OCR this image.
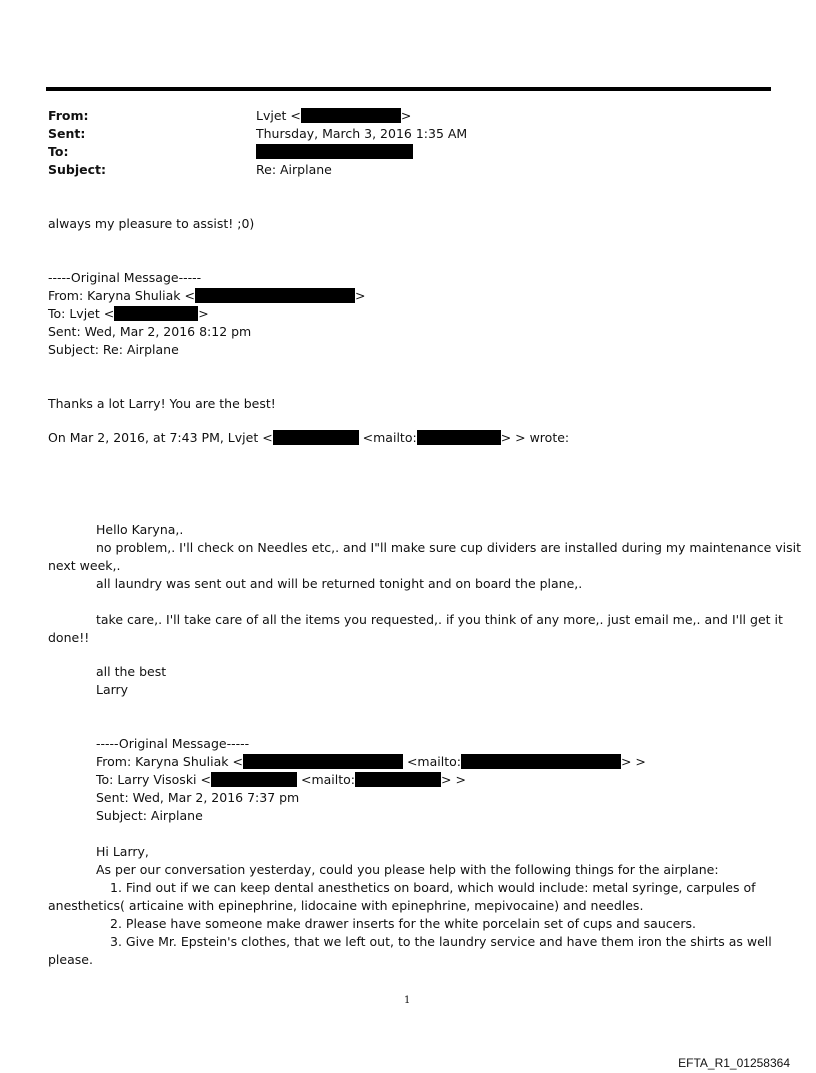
From:	Lvjet <	>
Sent:	Thursday, March 3, 2016 1:35 AM
To:
Subject:	Re: Airplane
always my pleasure to assist! ;0)
-----Original Message-----
From: Karyna Shuliak <	>
To: Lvjet <	>
Sent: Wed, Mar 2, 2016 8:12 pm
Subject: Re: Airplane
Thanks a lot Larry! You are the best!
On Mar 2, 2016, at 7:43 PM, Lvjet <	<mailto:	> > wrote:
Hello Karyna,.
no problem,. I'll check on Needles etc,. and I"ll make sure cup dividers are installed during my maintenance visit
next week,.
all laundry was sent out and will be returned tonight and on board the plane,.
take care,. I'll take care of all the items you requested,. if you think of any more,. just email me,. and I'll get it
done!!
all the best
Larry
-----Original Message-----
From: Karyna Shuliak <	<mailto:	> >
To: Larry Visoski <	<mailto:	> >
Sent: Wed, Mar 2, 2016 7:37 pm
Subject: Airplane
Hi Larry,
As per our conversation yesterday, could you please help with the following things for the airplane:
1. Find out if we can keep dental anesthetics on board, which would include: metal syringe, carpules of
anesthetics( articaine with epinephrine, lidocaine with epinephrine, mepivocaine) and needles.
2. Please have someone make drawer inserts for the white porcelain set of cups and saucers.
3. Give Mr. Epstein's clothes, that we left out, to the laundry service and have them iron the shirts as well
please.
1
EFTA_R1_01258364
